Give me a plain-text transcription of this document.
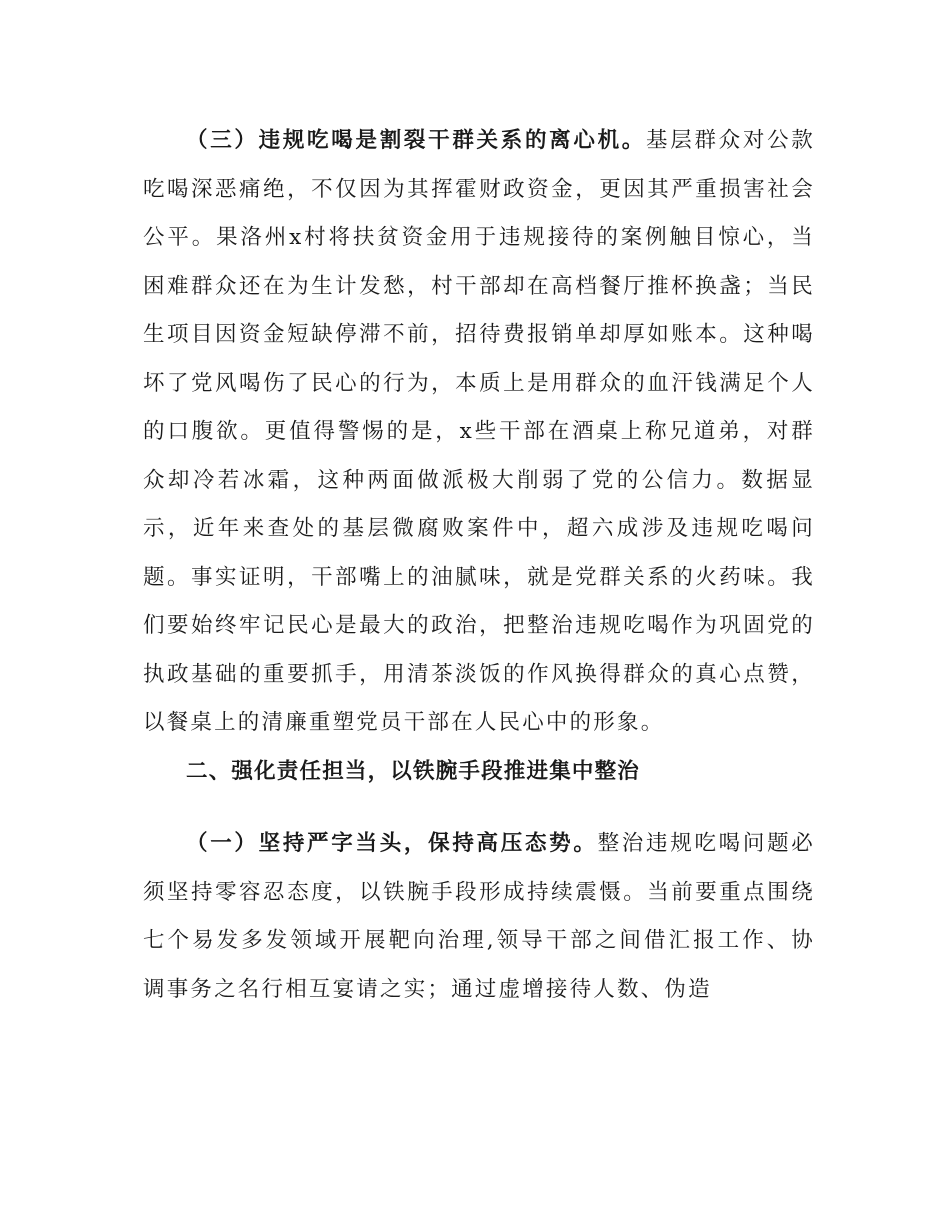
（三）违规吃喝是割裂干群关系的离心机。基层群众对公款吃喝深恶痛绝，不仅因为其挥霍财政资金，更因其严重损害社会公平。果洛州x村将扶贫资金用于违规接待的案例触目惊心，当困难群众还在为生计发愁，村干部却在高档餐厅推杯换盏；当民生项目因资金短缺停滞不前，招待费报销单却厚如账本。这种喝坏了党风喝伤了民心的行为，本质上是用群众的血汗钱满足个人的口腹欲。更值得警惕的是，x些干部在酒桌上称兄道弟，对群众却冷若冰霜，这种两面做派极大削弱了党的公信力。数据显示，近年来查处的基层微腐败案件中，超六成涉及违规吃喝问题。事实证明，干部嘴上的油腻味，就是党群关系的火药味。我们要始终牢记民心是最大的政治，把整治违规吃喝作为巩固党的执政基础的重要抓手，用清茶淡饭的作风换得群众的真心点赞，以餐桌上的清廉重塑党员干部在人民心中的形象。

二、强化责任担当，以铁腕手段推进集中整治

（一）坚持严字当头，保持高压态势。整治违规吃喝问题必须坚持零容忍态度，以铁腕手段形成持续震慑。当前要重点围绕七个易发多发领域开展靶向治理,领导干部之间借汇报工作、协调事务之名行相互宴请之实；通过虚增接待人数、伪造
